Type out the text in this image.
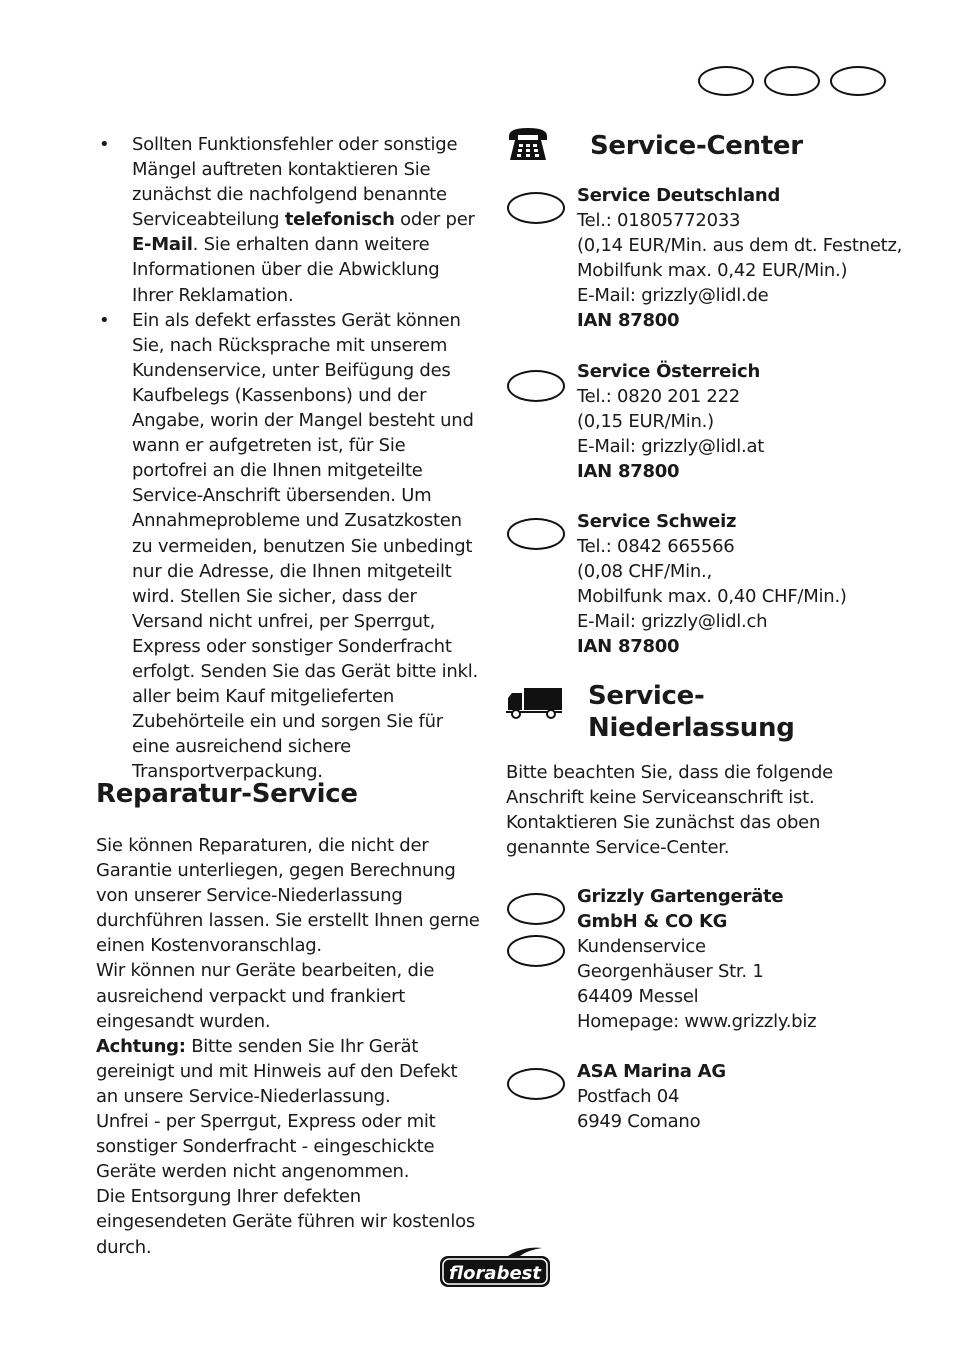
• Sollten Funktionsfehler oder sonstige Mängel auftreten kontaktieren Sie zunächst die nachfolgend benannte Serviceabteilung telefonisch oder per E-Mail. Sie erhalten dann weitere Informationen über die Abwicklung Ihrer Reklamation.
• Ein als defekt erfasstes Gerät können Sie, nach Rücksprache mit unserem Kundenservice, unter Beifügung des Kaufbelegs (Kassenbons) und der Angabe, worin der Mangel besteht und wann er aufgetreten ist, für Sie portofrei an die Ihnen mitgeteilte Service-Anschrift übersenden. Um Annahmeprobleme und Zusatzkosten zu vermeiden, benutzen Sie unbedingt nur die Adresse, die Ihnen mitgeteilt wird. Stellen Sie sicher, dass der Versand nicht unfrei, per Sperrgut, Express oder sonstiger Sonderfracht erfolgt. Senden Sie das Gerät bitte inkl. aller beim Kauf mitgelieferten Zubehörteile ein und sorgen Sie für eine ausreichend sichere Transportverpackung.
Reparatur-Service

Sie können Reparaturen, die nicht der Garantie unterliegen, gegen Berechnung von unserer Service-Niederlassung durchführen lassen. Sie erstellt Ihnen gerne einen Kostenvoranschlag.

Wir können nur Geräte bearbeiten, die ausreichend verpackt und frankiert eingesandt wurden.

Achtung: Bitte senden Sie Ihr Gerät gereinigt und mit Hinweis auf den Defekt an unsere Service-Niederlassung.

Unfrei - per Sperrgut, Express oder mit sonstiger Sonderfracht - eingeschickte Geräte werden nicht angenommen.

Die Entsorgung Ihrer defekten eingesendeten Geräte führen wir kostenlos durch.

Service-Center
Service Deutschland
Tel.: 01805772033
(0,14 EUR/Min. aus dem dt. Festnetz,
Mobilfunk max. 0,42 EUR/Min.)
E-Mail: grizzly@lidl.de
IAN 87800
Service Österreich
Tel.: 0820 201 222
(0,15 EUR/Min.)
E-Mail: grizzly@lidl.at
IAN 87800
Service Schweiz
Tel.: 0842 665566
(0,08 CHF/Min.,
Mobilfunk max. 0,40 CHF/Min.)
E-Mail: grizzly@lidl.ch
IAN 87800
Service-
Niederlassung
Bitte beachten Sie, dass die folgende Anschrift keine Serviceanschrift ist. Kontaktieren Sie zunächst das oben genannte Service-Center.
Grizzly Gartengeräte
GmbH & CO KG
Kundenservice
Georgenhäuser Str. 1
64409 Messel
Homepage: www.grizzly.biz
ASA Marina AG
Postfach 04
6949 Comano
florabest
